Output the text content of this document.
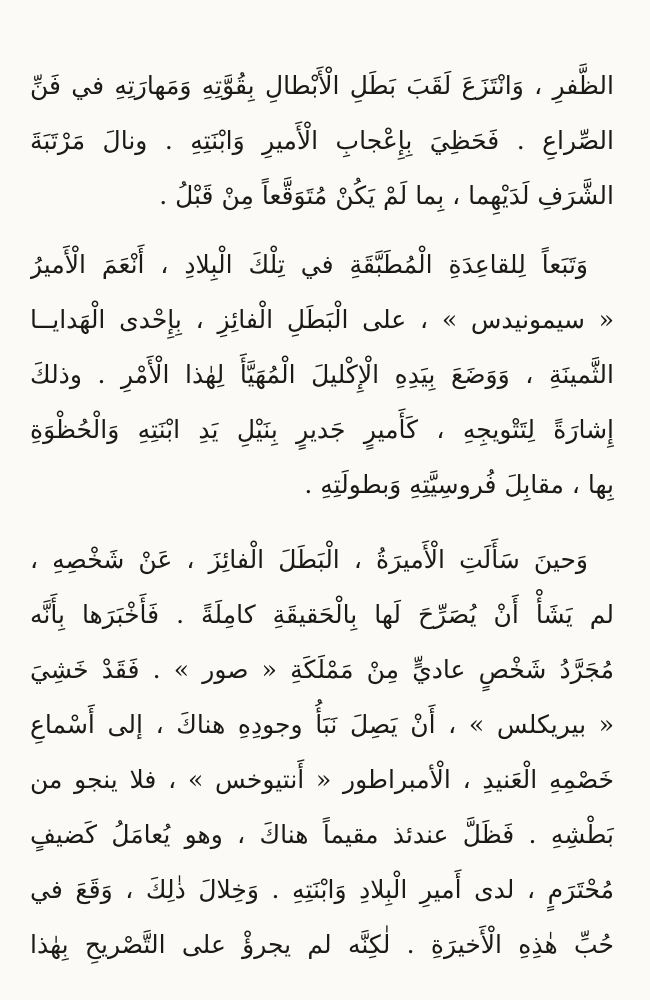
الظَّفرِ ، وَانْتَزَعَ لَقَبَ بَطَلِ الْأَبْطالِ بِقُوَّتِهِ وَمَهارَتِهِ في فَنِّ
الصِّراعِ . فَحَظِيَ بِإِعْجابِ الْأَميرِ وَابْنَتِهِ . ونالَ مَرْتَبَةَ
الشَّرَفِ لَدَيْهِما ، بِما لَمْ يَكُنْ مُتَوَقَّعاً مِنْ قَبْلُ .
وَتَبَعاً لِلقاعِدَةِ الْمُطَبَّقَةِ في تِلْكَ الْبِلادِ ، أَنْعَمَ الْأَميرُ
« سيمونيدس » ، على الْبَطَلِ الْفائِزِ ، بِإِحْدى الْهَدايــا
الثَّمينَةِ ، وَوَضَعَ بِيَدِهِ الْإِكْليلَ الْمُهَيَّأَ لِهٰذا الْأَمْرِ . وذلكَ
إِشارَةً لِتَتْويجِهِ ، كَأَميرٍ جَديرٍ بِنَيْلِ يَدِ ابْنَتِهِ وَالْحُظْوَةِ
بِها ، مقابِلَ فُروسِيَّتِهِ وَبطولَتِهِ .
وَحينَ سَأَلَتِ الْأَميرَةُ ، الْبَطَلَ الْفائِزَ ، عَنْ شَخْصِهِ ،
لم يَشَأْ أَنْ يُصَرِّحَ لَها بِالْحَقيقَةِ كامِلَةً . فَأَخْبَرَها بِأَنَّه
مُجَرَّدُ شَخْصٍ عاديٍّ مِنْ مَمْلَكَةِ « صور » . فَقَدْ خَشِيَ
« بيريكلس » ، أَنْ يَصِلَ نَبَأُ وجودِهِ هناكَ ، إلى أَسْماعِ
خَصْمِهِ الْعَنيدِ ، الْأمبراطور « أَنتيوخس » ، فلا ينجو من
بَطْشِهِ . فَظَلَّ عندئذ مقيماً هناكَ ، وهو يُعامَلُ كَضيفٍ
مُحْتَرَمٍ ، لدى أَميرِ الْبِلادِ وَابْنَتِهِ . وَخِلالَ ذٰلِكَ ، وَقَعَ في
حُبِّ هٰذِهِ الْأَخيرَةِ . لٰكِنَّه لم يجرؤْ على التَّصْريحِ بِهٰذا
